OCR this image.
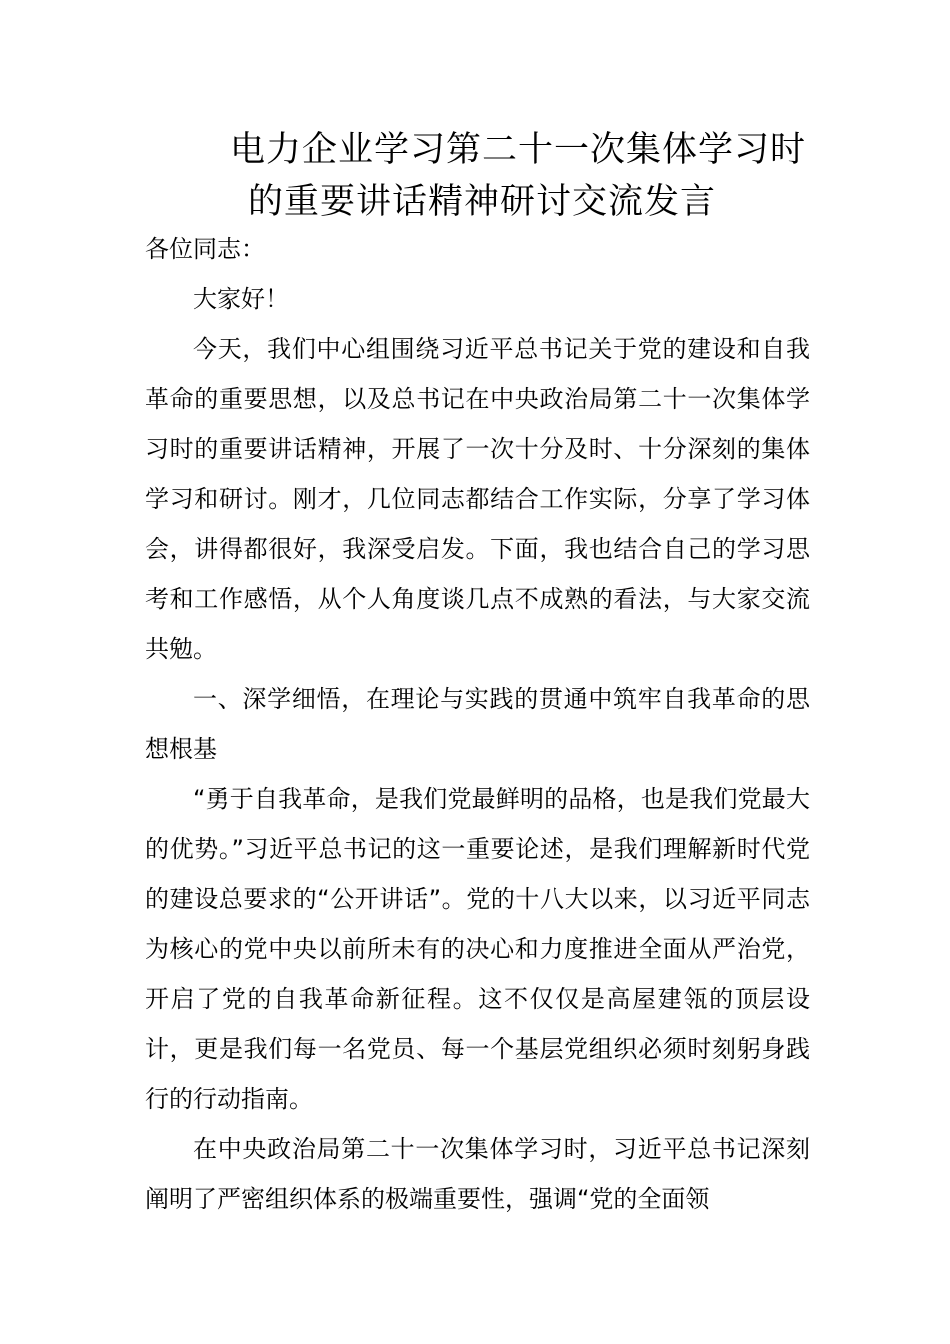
电力企业学习第二十一次集体学习时
的重要讲话精神研讨交流发言

各位同志：

大家好！

今天，我们中心组围绕习近平总书记关于党的建设和自我革命的重要思想，以及总书记在中央政治局第二十一次集体学习时的重要讲话精神，开展了一次十分及时、十分深刻的集体学习和研讨。刚才，几位同志都结合工作实际，分享了学习体会，讲得都很好，我深受启发。下面，我也结合自己的学习思考和工作感悟，从个人角度谈几点不成熟的看法，与大家交流共勉。

一、深学细悟，在理论与实践的贯通中筑牢自我革命的思想根基

“勇于自我革命，是我们党最鲜明的品格，也是我们党最大的优势。”习近平总书记的这一重要论述，是我们理解新时代党的建设总要求的“公开讲话”。党的十八大以来，以习近平同志为核心的党中央以前所未有的决心和力度推进全面从严治党，开启了党的自我革命新征程。这不仅仅是高屋建瓴的顶层设计，更是我们每一名党员、每一个基层党组织必须时刻躬身践行的行动指南。

在中央政治局第二十一次集体学习时，习近平总书记深刻阐明了严密组织体系的极端重要性，强调“党的全面领
